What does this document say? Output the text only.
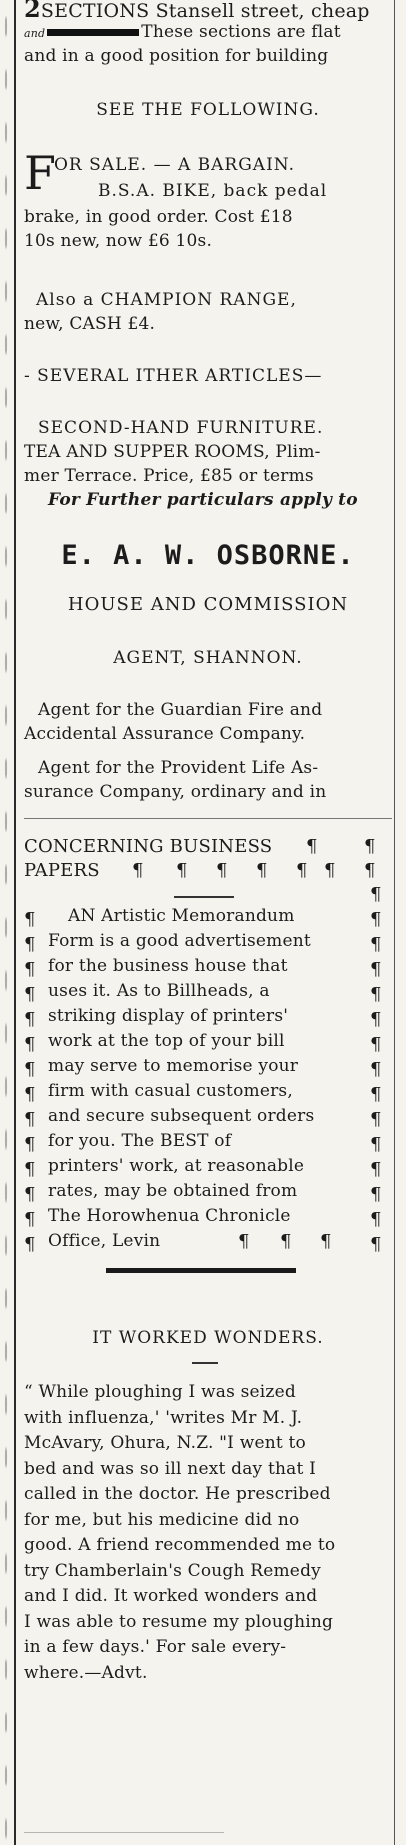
2SECTIONS Stansell street, cheap
and	These sections are flat
and in a good position for building
SEE THE FOLLOWING.
F
OR SALE. — A BARGAIN.
B.S.A. BIKE, back pedal
brake, in good order. Cost £18
10s new, now £6 10s.
Also a CHAMPION RANGE,
new, CASH £4.
- SEVERAL ITHER ARTICLES—
SECOND-HAND FURNITURE.
TEA AND SUPPER ROOMS, Plim-
mer Terrace. Price, £85 or terms
For Further particulars apply to
E. A. W. OSBORNE.
HOUSE AND COMMISSION
AGENT, SHANNON.
Agent for the Guardian Fire and
Accidental Assurance Company.
Agent for the Provident Life As-
surance Company, ordinary and in
CONCERNING BUSINESS
PAPERS
¶	¶
¶ ¶ ¶ ¶ ¶ ¶ ¶
¶
¶	¶
¶	¶
¶	¶
¶	¶
¶	¶
¶	¶
¶	¶
¶	¶
¶	¶
¶	¶
¶	¶
¶	¶
¶	¶
¶	¶
¶ ¶ ¶
AN Artistic Memorandum
Form is a good advertisement
for the business house that
uses it. As to Billheads, a
striking display of printers'
work at the top of your bill
may serve to memorise your
firm with casual customers,
and secure subsequent orders
for you. The BEST of
printers' work, at reasonable
rates, may be obtained from
The Horowhenua Chronicle
Office, Levin
IT WORKED WONDERS.
“ While ploughing I was seized
with influenza,' 'writes Mr M. J.
McAvary, Ohura, N.Z. "I went to
bed and was so ill next day that I
called in the doctor. He prescribed
for me, but his medicine did no
good. A friend recommended me to
try Chamberlain's Cough Remedy
and I did. It worked wonders and
I was able to resume my ploughing
in a few days.' For sale every-
where.—Advt.
